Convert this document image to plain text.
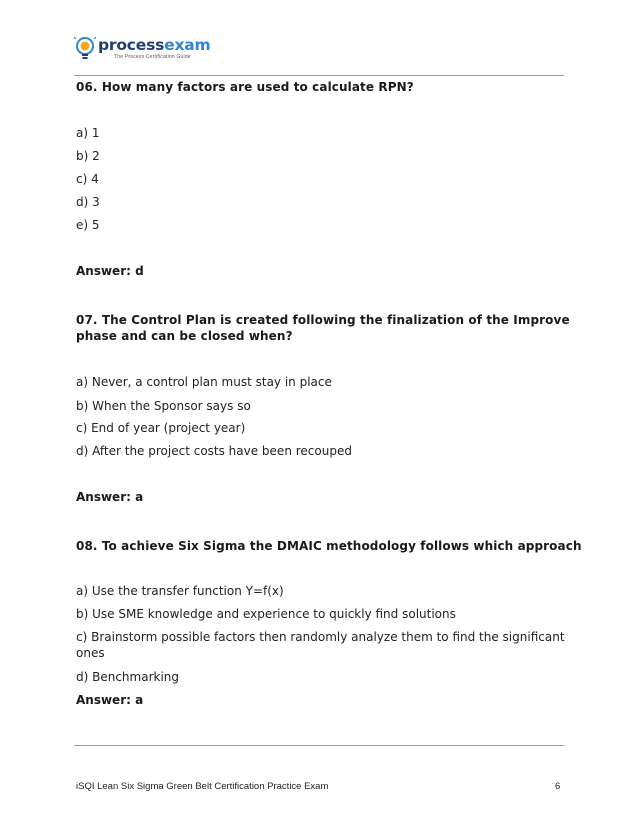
processexam
The Process Certification Guide
06. How many factors are used to calculate RPN?
a) 1
b) 2
c) 4
d) 3
e) 5
Answer: d
07. The Control Plan is created following the finalization of the Improve
phase and can be closed when?
a) Never, a control plan must stay in place
b) When the Sponsor says so
c) End of year (project year)
d) After the project costs have been recouped
Answer: a
08. To achieve Six Sigma the DMAIC methodology follows which approach
a) Use the transfer function Y=f(x)
b) Use SME knowledge and experience to quickly find solutions
c) Brainstorm possible factors then randomly analyze them to find the significant
ones
d) Benchmarking
Answer: a
iSQI Lean Six Sigma Green Belt Certification Practice Exam	6
